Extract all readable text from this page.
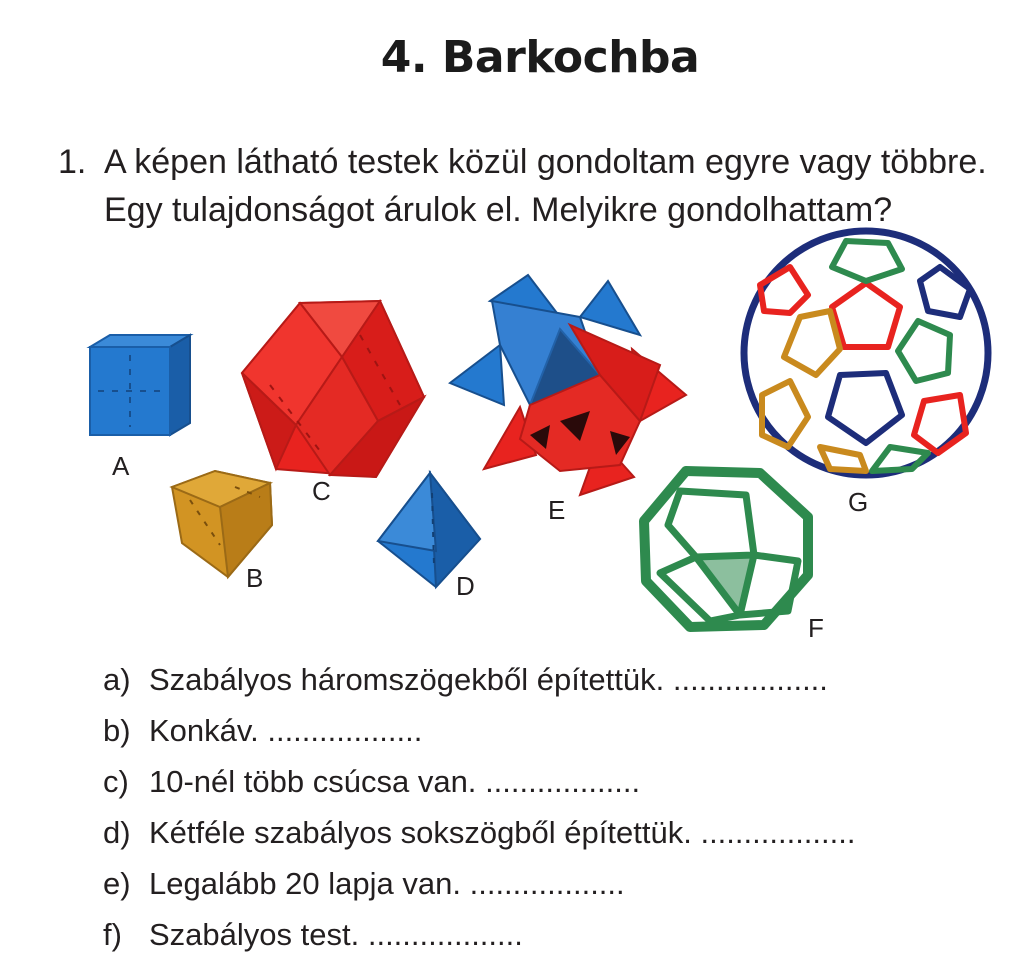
4. Barkochba
1. A képen látható testek közül gondoltam egyre vagy többre.
Egy tulajdonságot árulok el. Melyikre gondolhattam?
A
B
C
D
E
F
G
a) Szabályos háromszögekből építettük. ..................
b) Konkáv. ..................
c) 10-nél több csúcsa van. ..................
d) Kétféle szabályos sokszögből építettük. ..................
e) Legalább 20 lapja van. ..................
f) Szabályos test. ..................
